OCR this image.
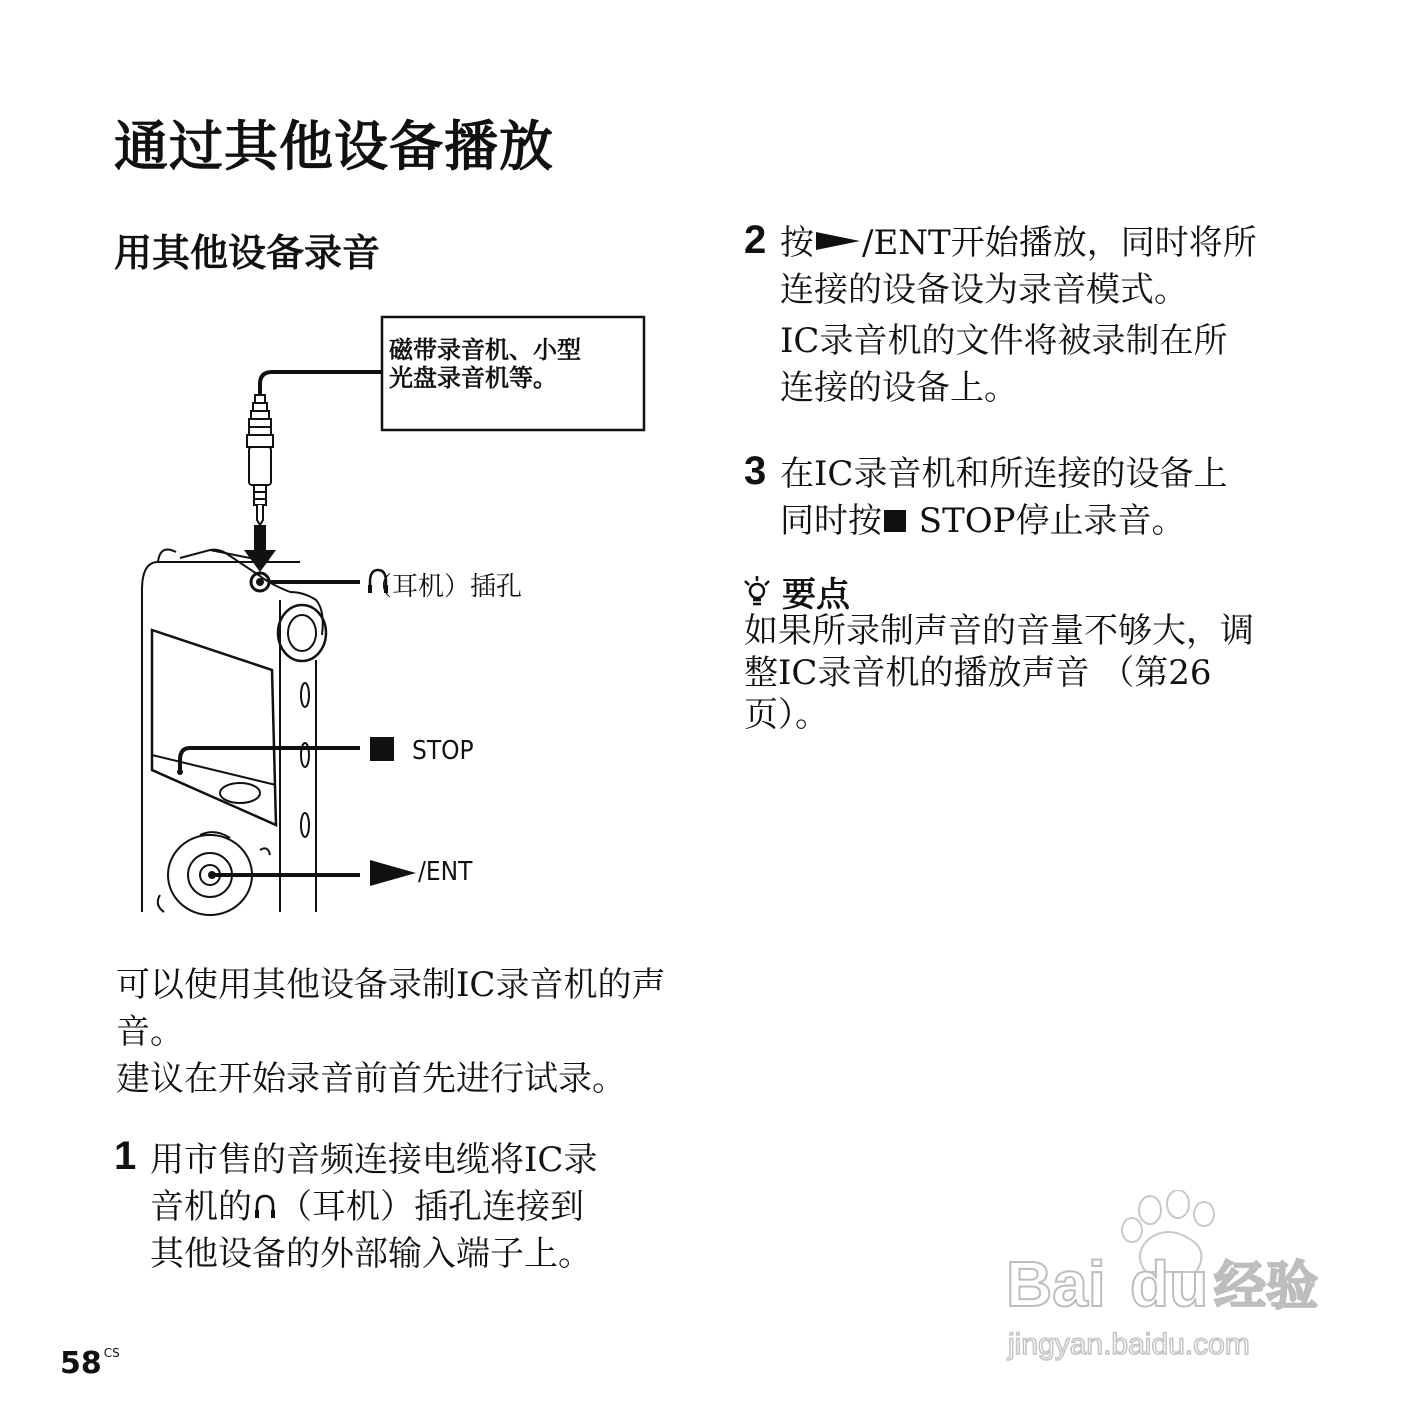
通过其他设备播放
用其他设备录音
磁带录音机、小型
光盘录音机等。
（耳机）插孔
STOP
/ENT
可以使用其他设备录制IC录音机的声音。
建议在开始录音前首先进行试录。
1 用市售的音频连接电缆将IC录
音机的 （耳机）插孔连接到
其他设备的外部输入端子上。
2 按 /ENT开始播放，同时将所
连接的设备设为录音模式。
IC录音机的文件将被录制在所
连接的设备上。
3 在IC录音机和所连接的设备上
同时按 STOP停止录音。
要点
如果所录制声音的音量不够大，调
整IC录音机的播放声音 （第26
页）。
58 $^{CS}$
Bai du 经验
jingyan.baidu.com
